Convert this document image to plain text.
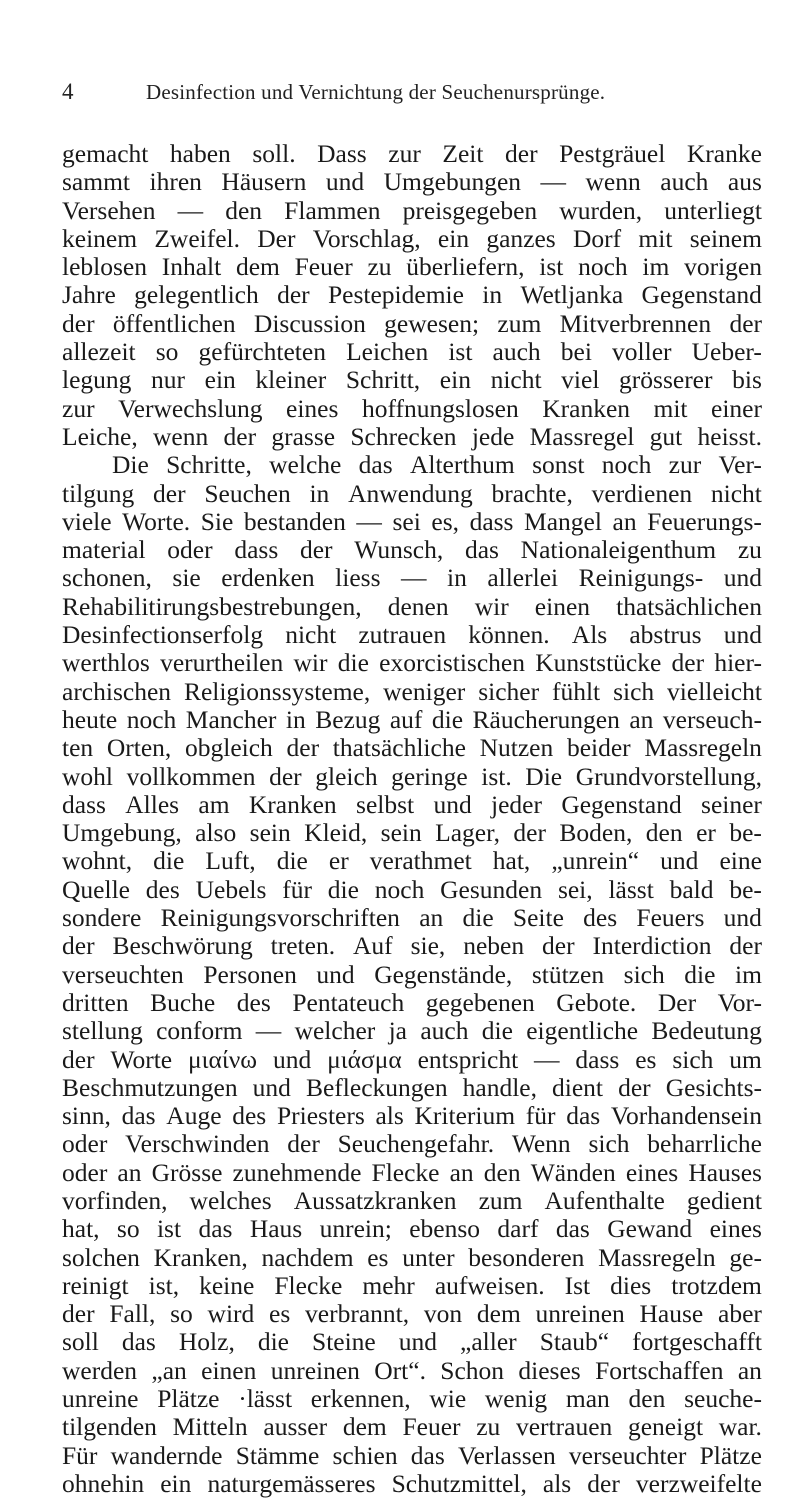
4	Desinfection und Vernichtung der Seuchenursprünge.
gemacht haben soll. Dass zur Zeit der Pestgräuel Kranke
sammt ihren Häusern und Umgebungen — wenn auch aus
Versehen — den Flammen preisgegeben wurden, unterliegt
keinem Zweifel. Der Vorschlag, ein ganzes Dorf mit seinem
leblosen Inhalt dem Feuer zu überliefern, ist noch im vorigen
Jahre gelegentlich der Pestepidemie in Wetljanka Gegenstand
der öffentlichen Discussion gewesen; zum Mitverbrennen der
allezeit so gefürchteten Leichen ist auch bei voller Ueber-
legung nur ein kleiner Schritt, ein nicht viel grösserer bis
zur Verwechslung eines hoffnungslosen Kranken mit einer
Leiche, wenn der grasse Schrecken jede Massregel gut heisst.
Die Schritte, welche das Alterthum sonst noch zur Ver-
tilgung der Seuchen in Anwendung brachte, verdienen nicht
viele Worte. Sie bestanden — sei es, dass Mangel an Feuerungs-
material oder dass der Wunsch, das Nationaleigenthum zu
schonen, sie erdenken liess — in allerlei Reinigungs- und
Rehabilitirungsbestrebungen, denen wir einen thatsächlichen
Desinfectionserfolg nicht zutrauen können. Als abstrus und
werthlos verurtheilen wir die exorcistischen Kunststücke der hier-
archischen Religionssysteme, weniger sicher fühlt sich vielleicht
heute noch Mancher in Bezug auf die Räucherungen an verseuch-
ten Orten, obgleich der thatsächliche Nutzen beider Massregeln
wohl vollkommen der gleich geringe ist. Die Grundvorstellung,
dass Alles am Kranken selbst und jeder Gegenstand seiner
Umgebung, also sein Kleid, sein Lager, der Boden, den er be-
wohnt, die Luft, die er verathmet hat, „unrein“ und eine
Quelle des Uebels für die noch Gesunden sei, lässt bald be-
sondere Reinigungsvorschriften an die Seite des Feuers und
der Beschwörung treten. Auf sie, neben der Interdiction der
verseuchten Personen und Gegenstände, stützen sich die im
dritten Buche des Pentateuch gegebenen Gebote. Der Vor-
stellung conform — welcher ja auch die eigentliche Bedeutung
der Worte μιαίνω und μιάσμα entspricht — dass es sich um
Beschmutzungen und Befleckungen handle, dient der Gesichts-
sinn, das Auge des Priesters als Kriterium für das Vorhandensein
oder Verschwinden der Seuchengefahr. Wenn sich beharrliche
oder an Grösse zunehmende Flecke an den Wänden eines Hauses
vorfinden, welches Aussatzkranken zum Aufenthalte gedient
hat, so ist das Haus unrein; ebenso darf das Gewand eines
solchen Kranken, nachdem es unter besonderen Massregeln ge-
reinigt ist, keine Flecke mehr aufweisen. Ist dies trotzdem
der Fall, so wird es verbrannt, von dem unreinen Hause aber
soll das Holz, die Steine und „aller Staub“ fortgeschafft
werden „an einen unreinen Ort“. Schon dieses Fortschaffen an
unreine Plätze ·lässt erkennen, wie wenig man den seuche-
tilgenden Mitteln ausser dem Feuer zu vertrauen geneigt war.
Für wandernde Stämme schien das Verlassen verseuchter Plätze
ohnehin ein naturgemässeres Schutzmittel, als der verzweifelte
